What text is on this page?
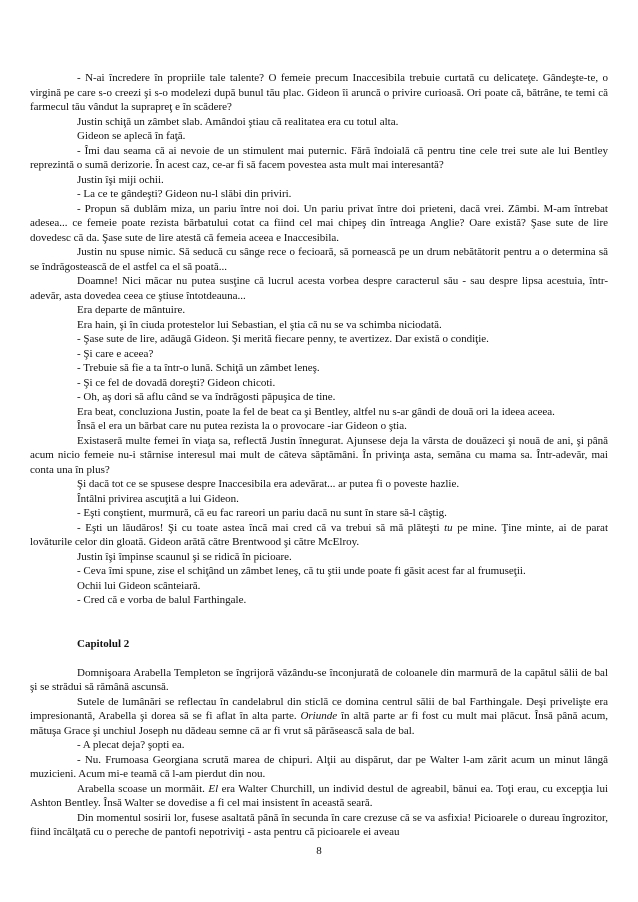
- N-ai încredere în propriile tale talente? O femeie precum Inaccesibila trebuie curtată cu delicateţe. Gândeşte-te, o virgină pe care s-o creezi şi s-o modelezi după bunul tău plac. Gideon îi aruncă o privire curioasă. Ori poate că, bătrâne, te temi că farmecul tău vândut la suprapreţ e în scădere?

Justin schiţă un zâmbet slab. Amândoi ştiau că realitatea era cu totul alta.

Gideon se aplecă în faţă.

- Îmi dau seama că ai nevoie de un stimulent mai puternic. Fără îndoială că pentru tine cele trei sute ale lui Bentley reprezintă o sumă derizorie. În acest caz, ce-ar fi să facem povestea asta mult mai interesantă?

Justin îşi miji ochii.

- La ce te gândeşti? Gideon nu-l slăbi din priviri.

- Propun să dublăm miza, un pariu între noi doi. Un pariu privat între doi prieteni, dacă vrei. Zâmbi. M-am întrebat adesea... ce femeie poate rezista bărbatului cotat ca fiind cel mai chipeş din întreaga Anglie? Oare există? Şase sute de lire dovedesc că da. Şase sute de lire atestă că femeia aceea e Inaccesibila.

Justin nu spuse nimic. Să seducă cu sânge rece o fecioară, să pornească pe un drum nebătătorit pentru a o determina să se îndrăgostească de el astfel ca el să poată...

Doamne! Nici măcar nu putea susţine că lucrul acesta vorbea despre caracterul său - sau despre lipsa acestuia, într-adevăr, asta dovedea ceea ce ştiuse întotdeauna...

Era departe de mântuire.

Era hain, şi în ciuda protestelor lui Sebastian, el ştia că nu se va schimba niciodată.

- Şase sute de lire, adăugă Gideon. Şi merită fiecare penny, te avertizez. Dar există o condiţie.

- Şi care e aceea?

- Trebuie să fie a ta într-o lună. Schiţă un zâmbet leneş.

- Şi ce fel de dovadă doreşti? Gideon chicoti.

- Oh, aş dori să aflu când se va îndrăgosti păpuşica de tine.

Era beat, concluziona Justin, poate la fel de beat ca şi Bentley, altfel nu s-ar gândi de două ori la ideea aceea.

Însă el era un bărbat care nu putea rezista la o provocare -iar Gideon o ştia.

Existaseră multe femei în viaţa sa, reflectă Justin înnegurat. Ajunsese deja la vârsta de douăzeci şi nouă de ani, şi până acum nicio femeie nu-i stârnise interesul mai mult de câteva săptămâni. În privinţa asta, semăna cu mama sa. Într-adevăr, mai conta una în plus?

Şi dacă tot ce se spusese despre Inaccesibila era adevărat... ar putea fi o poveste hazlie.

Întâlni privirea ascuţită a lui Gideon.

- Eşti conştient, murmură, că eu fac rareori un pariu dacă nu sunt în stare să-l câştig.

- Eşti un lăudăros! Şi cu toate astea încă mai cred că va trebui să mă plăteşti tu pe mine. Ţine minte, ai de parat lovăturile celor din gloată. Gideon arătă către Brentwood şi către McElroy.

Justin îşi împinse scaunul şi se ridică în picioare.

- Ceva îmi spune, zise el schiţând un zâmbet leneş, că tu ştii unde poate fi găsit acest far al frumuseţii.

Ochii lui Gideon scânteiară.

- Cred că e vorba de balul Farthingale.

Capitolul 2

Domnişoara Arabella Templeton se îngrijoră văzându-se înconjurată de coloanele din marmură de la capătul sălii de bal şi se strădui să rămână ascunsă.

Sutele de lumânări se reflectau în candelabrul din sticlă ce domina centrul sălii de bal Farthingale. Deşi privelişte era impresionantă, Arabella şi dorea să se fi aflat în alta parte. Oriunde în altă parte ar fi fost cu mult mai plăcut. Însă până acum, mătuşa Grace şi unchiul Joseph nu dădeau semne că ar fi vrut să părăsească sala de bal.

- A plecat deja? şopti ea.

- Nu. Frumoasa Georgiana scrută marea de chipuri. Alţii au dispărut, dar pe Walter l-am zărit acum un minut lângă muzicieni. Acum mi-e teamă că l-am pierdut din nou.

Arabella scoase un mormăit. El era Walter Churchill, un individ destul de agreabil, bănui ea. Toţi erau, cu excepţia lui Ashton Bentley. Însă Walter se dovedise a fi cel mai insistent în această seară.

Din momentul sosirii lor, fusese asaltată până în secunda în care crezuse că se va asfixia! Picioarele o dureau îngrozitor, fiind încălţată cu o pereche de pantofi nepotriviţi - asta pentru că picioarele ei aveau

8
